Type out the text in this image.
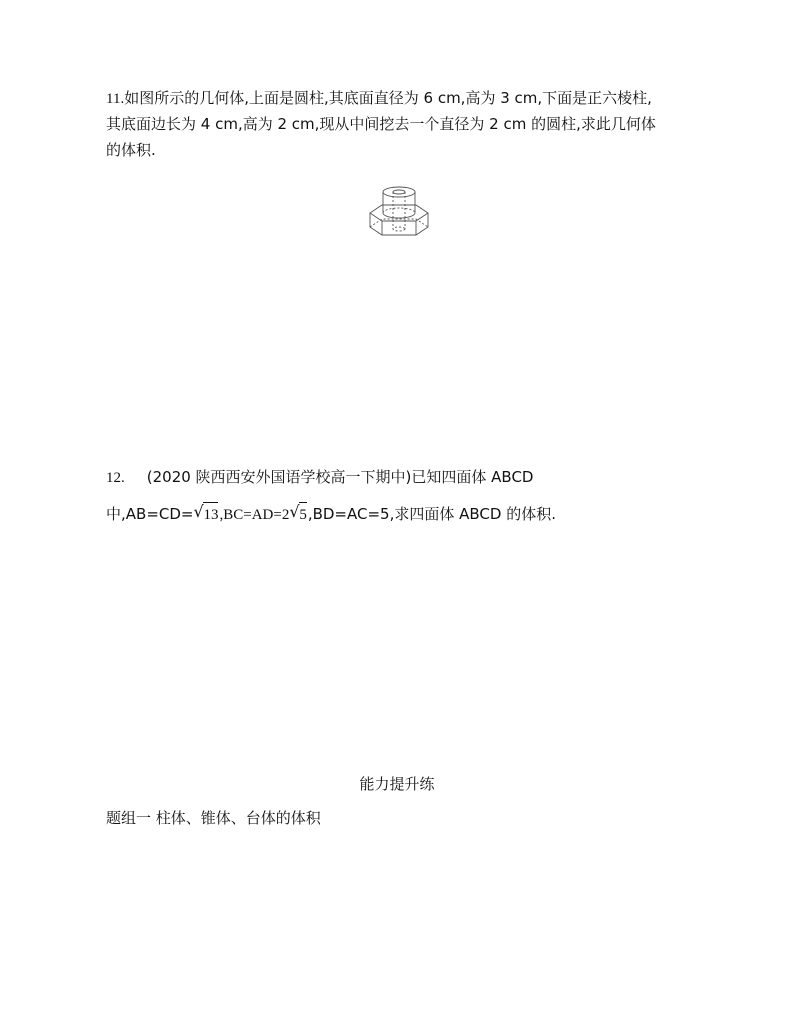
11.如图所示的几何体,上面是圆柱,其底面直径为 6 cm,高为 3 cm,下面是正六棱柱,
其底面边长为 4 cm,高为 2 cm,现从中间挖去一个直径为 2 cm 的圆柱,求此几何体
的体积.
12. (2020 陕西西安外国语学校高一下期中)已知四面体 ABCD
中,AB=CD= √ 13,BC=AD=2 √ 5,BD=AC=5,求四面体 ABCD 的体积.
能力提升练
题组一 柱体、锥体、台体的体积
